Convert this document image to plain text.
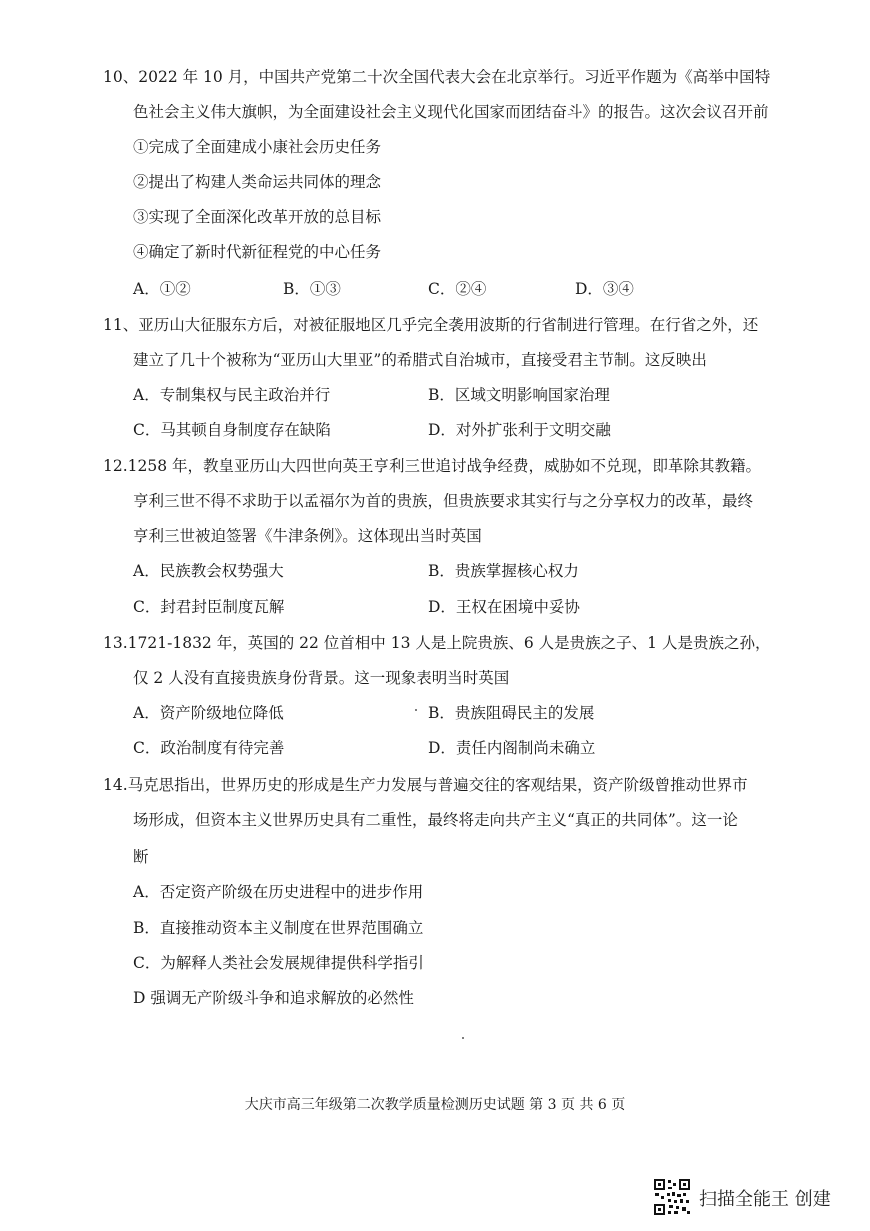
10、2022 年 10 月，中国共产党第二十次全国代表大会在北京举行。习近平作题为《高举中国特
色社会主义伟大旗帜，为全面建设社会主义现代化国家而团结奋斗》的报告。这次会议召开前
①完成了全面建成小康社会历史任务
②提出了构建人类命运共同体的理念
③实现了全面深化改革开放的总目标
④确定了新时代新征程党的中心任务
A．①②	B．①③	C．②④	D．③④
11、亚历山大征服东方后，对被征服地区几乎完全袭用波斯的行省制进行管理。在行省之外，还
建立了几十个被称为“亚历山大里亚”的希腊式自治城市，直接受君主节制。这反映出
A．专制集权与民主政治并行	B．区域文明影响国家治理
C．马其顿自身制度存在缺陷	D．对外扩张利于文明交融
12.1258 年，教皇亚历山大四世向英王亨利三世追讨战争经费，威胁如不兑现，即革除其教籍。
亨利三世不得不求助于以孟福尔为首的贵族，但贵族要求其实行与之分享权力的改革，最终
亨利三世被迫签署《牛津条例》。这体现出当时英国
A．民族教会权势强大	B．贵族掌握核心权力
C．封君封臣制度瓦解	D．王权在困境中妥协
13.1721-1832 年，英国的 22 位首相中 13 人是上院贵族、6 人是贵族之子、1 人是贵族之孙，
仅 2 人没有直接贵族身份背景。这一现象表明当时英国
A．资产阶级地位降低	B．贵族阻碍民主的发展
C．政治制度有待完善	D．责任内阁制尚未确立
14.马克思指出，世界历史的形成是生产力发展与普遍交往的客观结果，资产阶级曾推动世界市
场形成，但资本主义世界历史具有二重性，最终将走向共产主义“真正的共同体”。这一论
断
A．否定资产阶级在历史进程中的进步作用
B．直接推动资本主义制度在世界范围确立
C．为解释人类社会发展规律提供科学指引
D 强调无产阶级斗争和追求解放的必然性
大庆市高三年级第二次教学质量检测历史试题 第 3 页 共 6 页
扫描全能王 创建
